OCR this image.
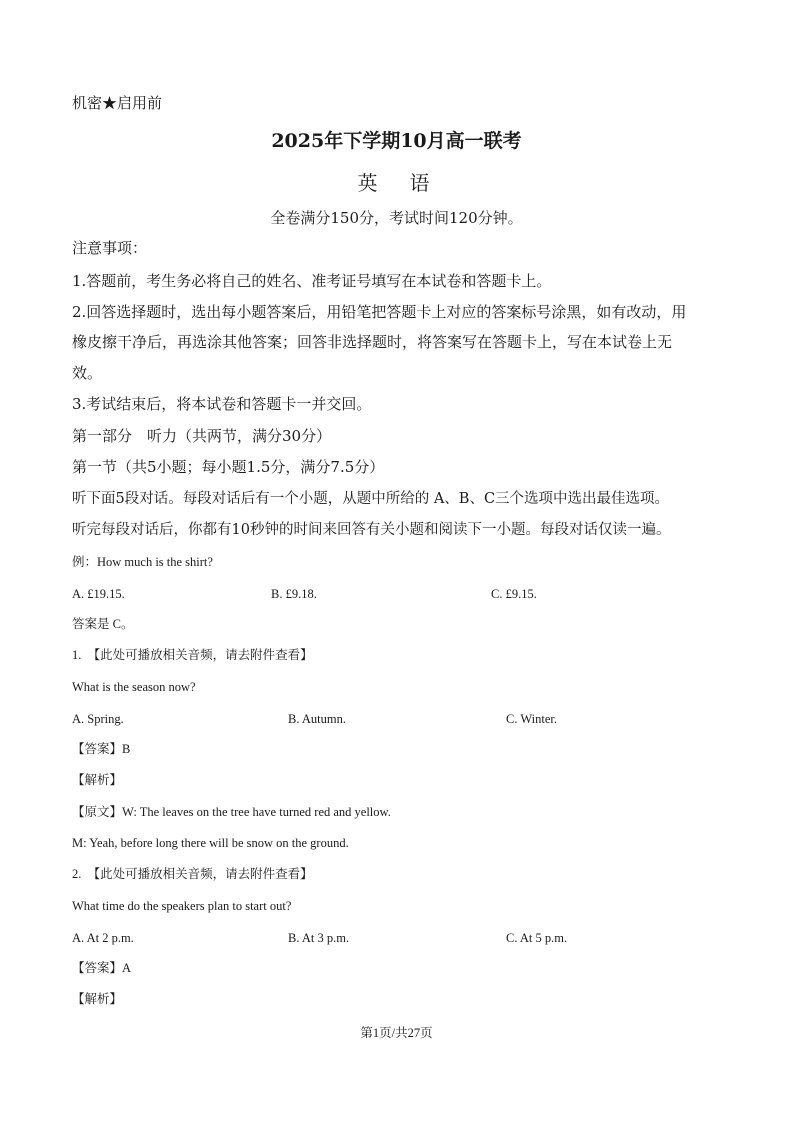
机密★启用前
2025年下学期10月高一联考
英　语
全卷满分150分，考试时间120分钟。
注意事项：
1.答题前，考生务必将自己的姓名、准考证号填写在本试卷和答题卡上。
2.回答选择题时，选出每小题答案后，用铅笔把答题卡上对应的答案标号涂黑，如有改动，用
橡皮擦干净后，再选涂其他答案；回答非选择题时，将答案写在答题卡上，写在本试卷上无
效。
3.考试结束后，将本试卷和答题卡一并交回。
第一部分　听力（共两节，满分30分）
第一节（共5小题；每小题1.5分，满分7.5分）
听下面5段对话。每段对话后有一个小题，从题中所给的 A、B、C三个选项中选出最佳选项。
听完每段对话后，你都有10秒钟的时间来回答有关小题和阅读下一小题。每段对话仅读一遍。
例：How much is the shirt?
A. £19.15.	B. £9.18.	C. £9.15.
答案是 C。
1.　【此处可播放相关音频，请去附件查看】
What is the season now?
A. Spring.	B. Autumn.	C. Winter.
【答案】B
【解析】
【原文】W: The leaves on the tree have turned red and yellow.
M: Yeah, before long there will be snow on the ground.
2.　【此处可播放相关音频，请去附件查看】
What time do the speakers plan to start out?
A. At 2 p.m.	B. At 3 p.m.	C. At 5 p.m.
【答案】A
【解析】
第1页/共27页
